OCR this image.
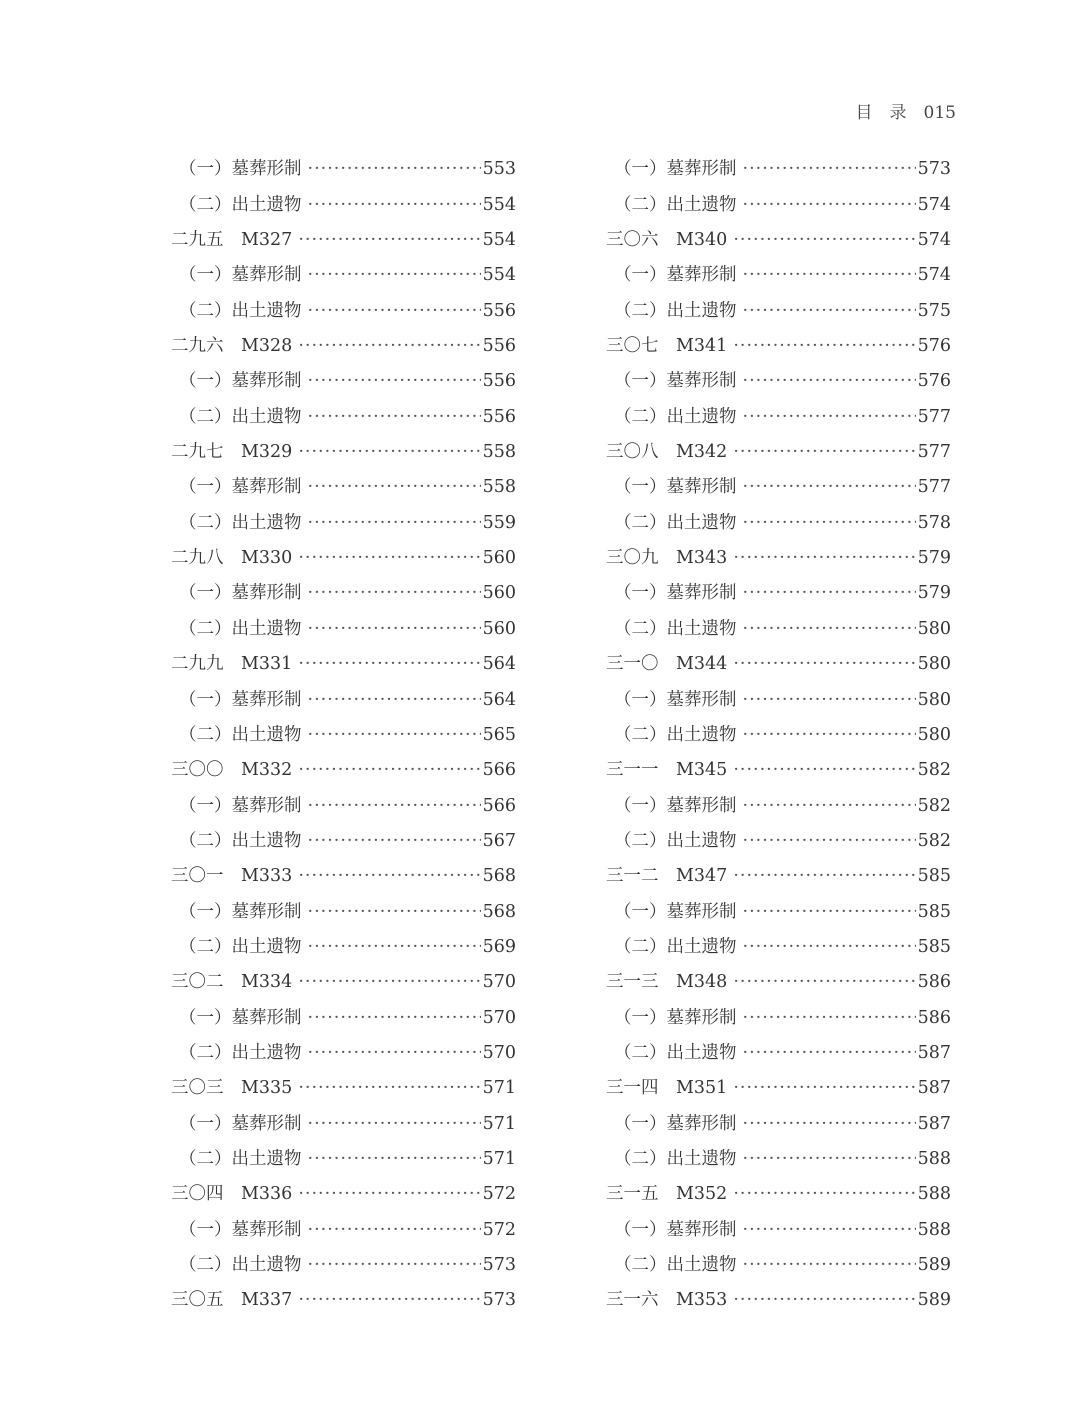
目　录　015
（一）墓葬形制 ·····	553
（二）出土遗物 ·····	554
二九五　M327 ·····	554
（一）墓葬形制 ·····	554
（二）出土遗物 ·····	556
二九六　M328 ·····	556
（一）墓葬形制 ·····	556
（二）出土遗物 ·····	556
二九七　M329 ·····	558
（一）墓葬形制 ·····	558
（二）出土遗物 ·····	559
二九八　M330 ·····	560
（一）墓葬形制 ·····	560
（二）出土遗物 ·····	560
二九九　M331 ·····	564
（一）墓葬形制 ·····	564
（二）出土遗物 ·····	565
三〇〇　M332 ·····	566
（一）墓葬形制 ·····	566
（二）出土遗物 ·····	567
三〇一　M333 ·····	568
（一）墓葬形制 ·····	568
（二）出土遗物 ·····	569
三〇二　M334 ·····	570
（一）墓葬形制 ·····	570
（二）出土遗物 ·····	570
三〇三　M335 ·····	571
（一）墓葬形制 ·····	571
（二）出土遗物 ·····	571
三〇四　M336 ·····	572
（一）墓葬形制 ·····	572
（二）出土遗物 ·····	573
三〇五　M337 ·····	573
（一）墓葬形制 ·····	573
（二）出土遗物 ·····	574
三〇六　M340 ·····	574
（一）墓葬形制 ·····	574
（二）出土遗物 ·····	575
三〇七　M341 ·····	576
（一）墓葬形制 ·····	576
（二）出土遗物 ·····	577
三〇八　M342 ·····	577
（一）墓葬形制 ·····	577
（二）出土遗物 ·····	578
三〇九　M343 ·····	579
（一）墓葬形制 ·····	579
（二）出土遗物 ·····	580
三一〇　M344 ·····	580
（一）墓葬形制 ·····	580
（二）出土遗物 ·····	580
三一一　M345 ·····	582
（一）墓葬形制 ·····	582
（二）出土遗物 ·····	582
三一二　M347 ·····	585
（一）墓葬形制 ·····	585
（二）出土遗物 ·····	585
三一三　M348 ·····	586
（一）墓葬形制 ·····	586
（二）出土遗物 ·····	587
三一四　M351 ·····	587
（一）墓葬形制 ·····	587
（二）出土遗物 ·····	588
三一五　M352 ·····	588
（一）墓葬形制 ·····	588
（二）出土遗物 ·····	589
三一六　M353 ·····	589
